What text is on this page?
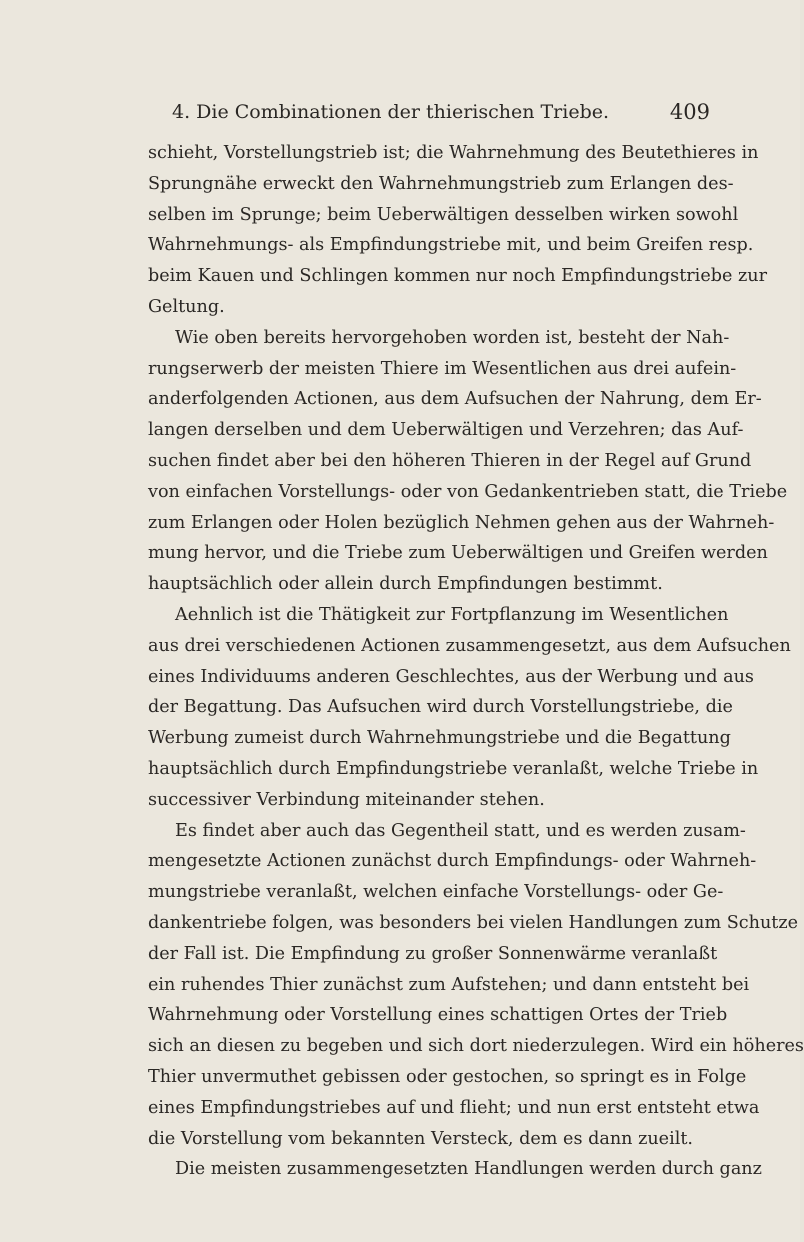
4. Die Combinationen der thierischen Triebe.	409
schieht, Vorstellungstrieb ist; die Wahrnehmung des Beutethieres in
Sprungnähe erweckt den Wahrnehmungstrieb zum Erlangen des-
selben im Sprunge; beim Ueberwältigen desselben wirken sowohl
Wahrnehmungs- als Empfindungstriebe mit, und beim Greifen resp.
beim Kauen und Schlingen kommen nur noch Empfindungstriebe zur
Geltung.
Wie oben bereits hervorgehoben worden ist, besteht der Nah-
rungserwerb der meisten Thiere im Wesentlichen aus drei aufein-
anderfolgenden Actionen, aus dem Aufsuchen der Nahrung, dem Er-
langen derselben und dem Ueberwältigen und Verzehren; das Auf-
suchen findet aber bei den höheren Thieren in der Regel auf Grund
von einfachen Vorstellungs- oder von Gedankentrieben statt, die Triebe
zum Erlangen oder Holen bezüglich Nehmen gehen aus der Wahrneh-
mung hervor, und die Triebe zum Ueberwältigen und Greifen werden
hauptsächlich oder allein durch Empfindungen bestimmt.
Aehnlich ist die Thätigkeit zur Fortpflanzung im Wesentlichen
aus drei verschiedenen Actionen zusammengesetzt, aus dem Aufsuchen
eines Individuums anderen Geschlechtes, aus der Werbung und aus
der Begattung. Das Aufsuchen wird durch Vorstellungstriebe, die
Werbung zumeist durch Wahrnehmungstriebe und die Begattung
hauptsächlich durch Empfindungstriebe veranlaßt, welche Triebe in
successiver Verbindung miteinander stehen.
Es findet aber auch das Gegentheil statt, und es werden zusam-
mengesetzte Actionen zunächst durch Empfindungs- oder Wahrneh-
mungstriebe veranlaßt, welchen einfache Vorstellungs- oder Ge-
dankentriebe folgen, was besonders bei vielen Handlungen zum Schutze
der Fall ist. Die Empfindung zu großer Sonnenwärme veranlaßt
ein ruhendes Thier zunächst zum Aufstehen; und dann entsteht bei
Wahrnehmung oder Vorstellung eines schattigen Ortes der Trieb
sich an diesen zu begeben und sich dort niederzulegen. Wird ein höheres
Thier unvermuthet gebissen oder gestochen, so springt es in Folge
eines Empfindungstriebes auf und flieht; und nun erst entsteht etwa
die Vorstellung vom bekannten Versteck, dem es dann zueilt.
Die meisten zusammengesetzten Handlungen werden durch ganz
